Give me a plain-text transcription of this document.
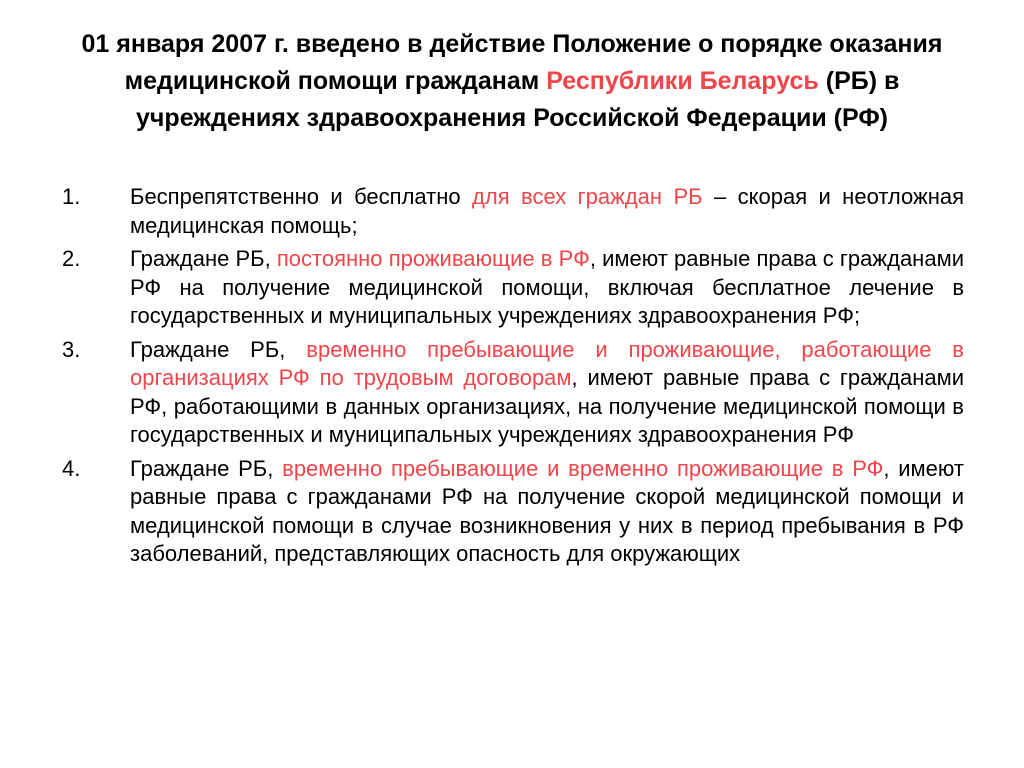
01 января 2007 г. введено в действие Положение о порядке оказания медицинской помощи гражданам Республики Беларусь (РБ) в учреждениях здравоохранения Российской Федерации (РФ)
1. Беспрепятственно и бесплатно для всех граждан РБ – скорая и неотложная медицинская помощь;
2. Граждане РБ, постоянно проживающие в РФ, имеют равные права с гражданами РФ на получение медицинской помощи, включая бесплатное лечение в государственных и муниципальных учреждениях здравоохранения РФ;
3. Граждане РБ, временно пребывающие и проживающие, работающие в организациях РФ по трудовым договорам, имеют равные права с гражданами РФ, работающими в данных организациях, на получение медицинской помощи в государственных и муниципальных учреждениях здравоохранения РФ
4. Граждане РБ, временно пребывающие и временно проживающие в РФ, имеют равные права с гражданами РФ на получение скорой медицинской помощи и медицинской помощи в случае возникновения у них в период пребывания в РФ заболеваний, представляющих опасность для окружающих
